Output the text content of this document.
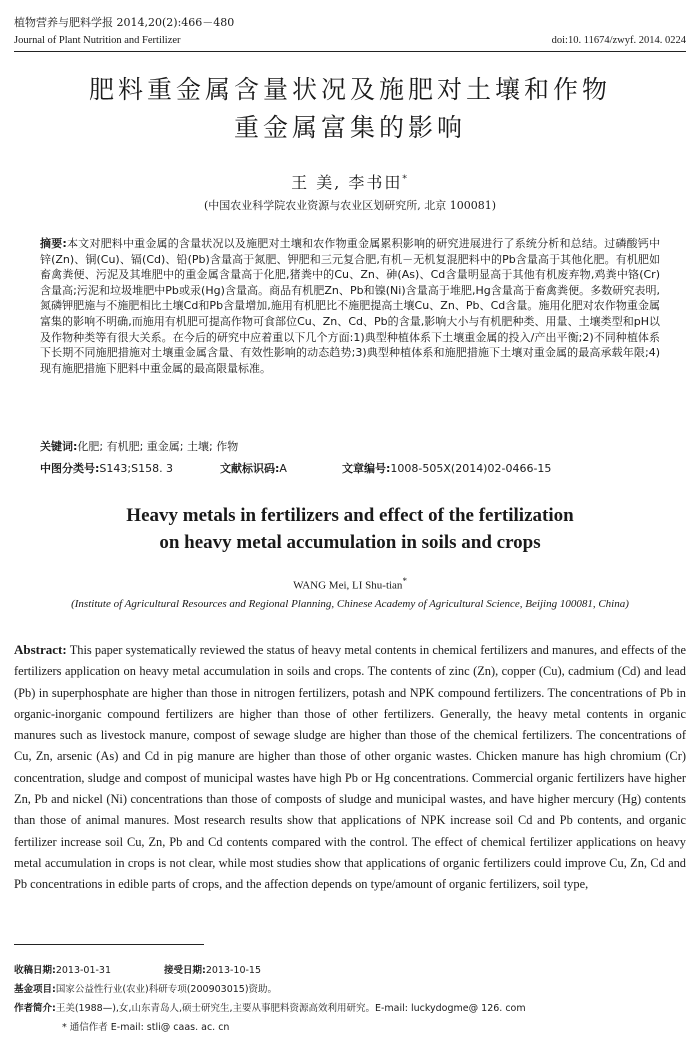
植物营养与肥料学报 2014,20(2):466－480
Journal of Plant Nutrition and Fertilizer	doi:10. 11674/zwyf. 2014. 0224
肥料重金属含量状况及施肥对土壤和作物
重金属富集的影响
王 美, 李书田*
(中国农业科学院农业资源与农业区划研究所, 北京 100081)
摘要:本文对肥料中重金属的含量状况以及施肥对土壤和农作物重金属累积影响的研究进展进行了系统分析和总结。过磷酸钙中锌(Zn)、铜(Cu)、镉(Cd)、铅(Pb)含量高于氮肥、钾肥和三元复合肥,有机－无机复混肥料中的Pb含量高于其他化肥。有机肥如畜禽粪便、污泥及其堆肥中的重金属含量高于化肥,猪粪中的Cu、Zn、砷(As)、Cd含量明显高于其他有机废弃物,鸡粪中铬(Cr)含量高;污泥和垃圾堆肥中Pb或汞(Hg)含量高。商品有机肥Zn、Pb和镍(Ni)含量高于堆肥,Hg含量高于畜禽粪便。多数研究表明,氮磷钾肥施与不施肥相比土壤Cd和Pb含量增加,施用有机肥比不施肥提高土壤Cu、Zn、Pb、Cd含量。施用化肥对农作物重金属富集的影响不明确,而施用有机肥可提高作物可食部位Cu、Zn、Cd、Pb的含量,影响大小与有机肥种类、用量、土壤类型和pH以及作物种类等有很大关系。在今后的研究中应着重以下几个方面:1)典型种植体系下土壤重金属的投入/产出平衡;2)不同种植体系下长期不同施肥措施对土壤重金属含量、有效性影响的动态趋势;3)典型种植体系和施肥措施下土壤对重金属的最高承载年限;4)现有施肥措施下肥料中重金属的最高限量标准。
关键词:化肥; 有机肥; 重金属; 土壤; 作物
中图分类号:S143;S158. 3	文献标识码:A	文章编号:1008-505X(2014)02-0466-15
Heavy metals in fertilizers and effect of the fertilization
on heavy metal accumulation in soils and crops
WANG Mei, LI Shu-tian*
(Institute of Agricultural Resources and Regional Planning, Chinese Academy of Agricultural Science, Beijing 100081, China)
Abstract: This paper systematically reviewed the status of heavy metal contents in chemical fertilizers and manures, and effects of the fertilizers application on heavy metal accumulation in soils and crops. The contents of zinc (Zn), copper (Cu), cadmium (Cd) and lead (Pb) in superphosphate are higher than those in nitrogen fertilizers, potash and NPK compound fertilizers. The concentrations of Pb in organic-inorganic compound fertilizers are higher than those of other fertilizers. Generally, the heavy metal contents in organic manures such as livestock manure, compost of sewage sludge are higher than those of the chemical fertilizers. The concentrations of Cu, Zn, arsenic (As) and Cd in pig manure are higher than those of other organic wastes. Chicken manure has high chromium (Cr) concentration, sludge and compost of municipal wastes have high Pb or Hg concentrations. Commercial organic fertilizers have higher Zn, Pb and nickel (Ni) concentrations than those of composts of sludge and municipal wastes, and have higher mercury (Hg) contents than those of animal manures. Most research results show that applications of NPK increase soil Cd and Pb contents, and organic fertilizer increase soil Cu, Zn, Pb and Cd contents compared with the control. The effect of chemical fertilizer applications on heavy metal accumulation in crops is not clear, while most studies show that applications of organic fertilizers could improve Cu, Zn, Cd and Pb concentrations in edible parts of crops, and the affection depends on type/amount of organic fertilizers, soil type,
收稿日期:2013-01-31	接受日期:2013-10-15
基金项目:国家公益性行业(农业)科研专项(200903015)资助。
作者简介:王美(1988—),女,山东青岛人,硕士研究生,主要从事肥料资源高效利用研究。E-mail: luckydogme@ 126. com
* 通信作者 E-mail: stli@ caas. ac. cn
